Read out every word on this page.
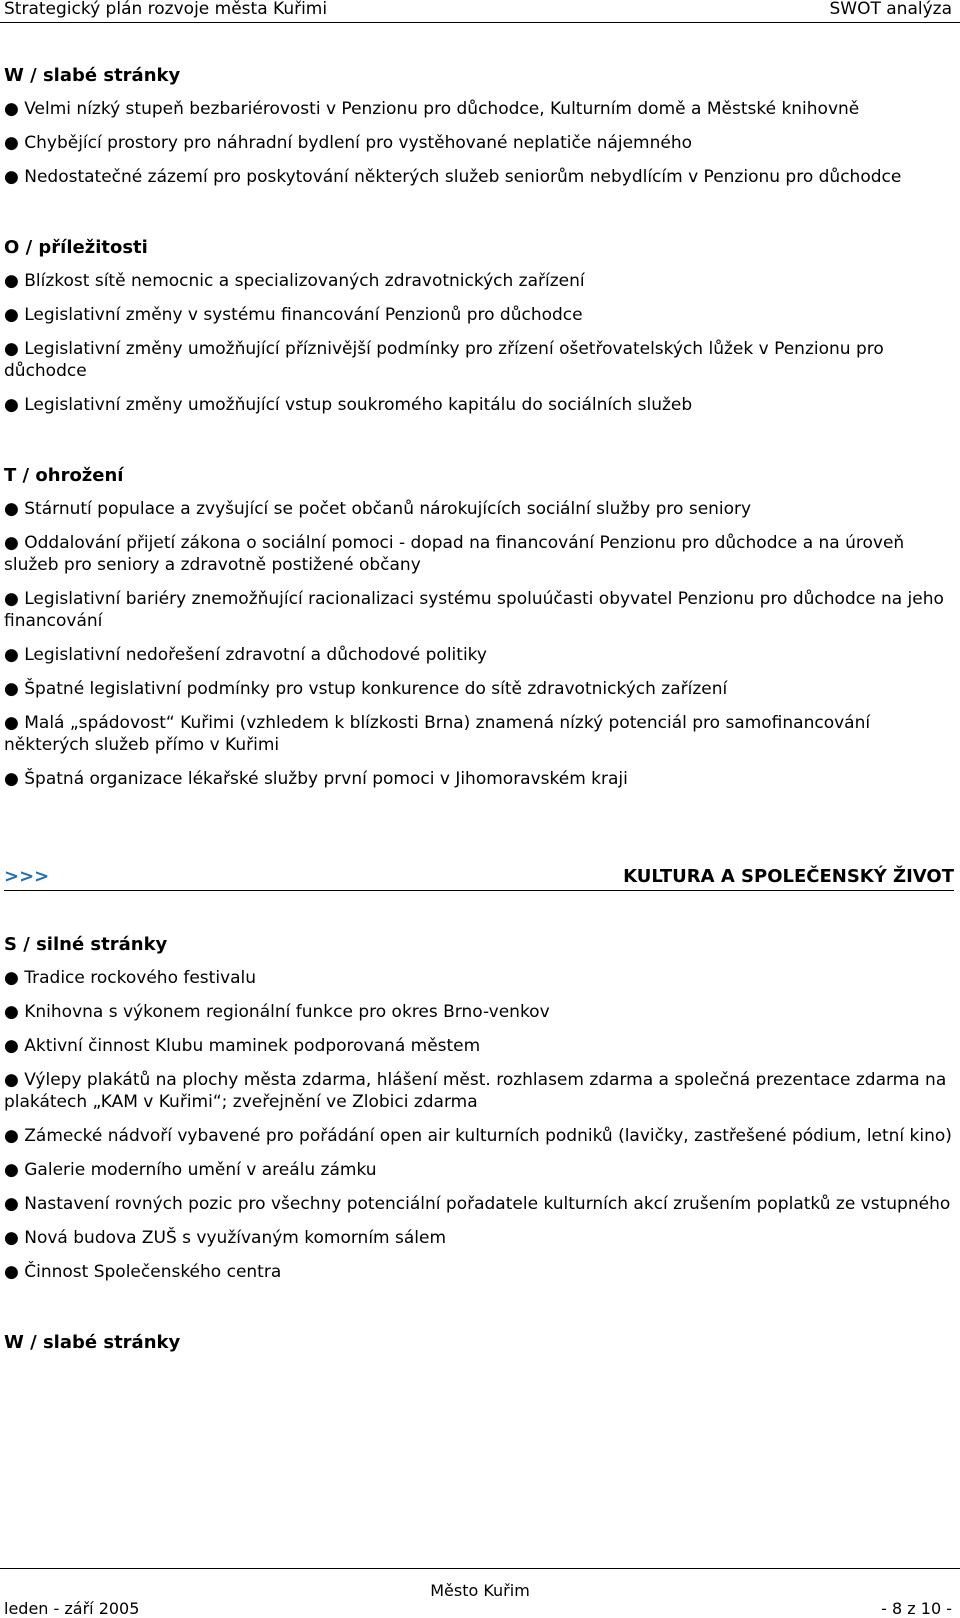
Strategický plán rozvoje města Kuřimi	SWOT analýza
W / slabé stránky
● Velmi nízký stupeň bezbariérovosti v Penzionu pro důchodce, Kulturním domě a Městské knihovně
● Chybějící prostory pro náhradní bydlení pro vystěhované neplatiče nájemného
● Nedostatečné zázemí pro poskytování některých služeb seniorům nebydlícím v Penzionu pro důchodce
O / příležitosti
● Blízkost sítě nemocnic a specializovaných zdravotnických zařízení
● Legislativní změny v systému financování Penzionů pro důchodce
● Legislativní změny umožňující příznivější podmínky pro zřízení ošetřovatelských lůžek v Penzionu pro důchodce
● Legislativní změny umožňující vstup soukromého kapitálu do sociálních služeb
T / ohrožení
● Stárnutí populace a zvyšující se počet občanů nárokujících sociální služby pro seniory
● Oddalování přijetí zákona o sociální pomoci - dopad na financování Penzionu pro důchodce a na úroveň služeb pro seniory a zdravotně postižené občany
● Legislativní bariéry znemožňující racionalizaci systému spoluúčasti obyvatel Penzionu pro důchodce na jeho financování
● Legislativní nedořešení zdravotní a důchodové politiky
● Špatné legislativní podmínky pro vstup konkurence do sítě zdravotnických zařízení
● Malá „spádovost“ Kuřimi (vzhledem k blízkosti Brna) znamená nízký potenciál pro samofinancování některých služeb přímo v Kuřimi
● Špatná organizace lékařské služby první pomoci v Jihomoravském kraji
>>>	KULTURA A SPOLEČENSKÝ ŽIVOT
S / silné stránky
● Tradice rockového festivalu
● Knihovna s výkonem regionální funkce pro okres Brno-venkov
● Aktivní činnost Klubu maminek podporovaná městem
● Výlepy plakátů na plochy města zdarma, hlášení měst. rozhlasem zdarma a společná prezentace zdarma na plakátech „KAM v Kuřimi“; zveřejnění ve Zlobici zdarma
● Zámecké nádvoří vybavené pro pořádání open air kulturních podniků (lavičky, zastřešené pódium, letní kino)
● Galerie moderního umění v areálu zámku
● Nastavení rovných pozic pro všechny potenciální pořadatele kulturních akcí zrušením poplatků ze vstupného
● Nová budova ZUŠ s využívaným komorním sálem
● Činnost Společenského centra
W / slabé stránky
Město Kuřim
leden - září 2005	- 8 z 10 -
